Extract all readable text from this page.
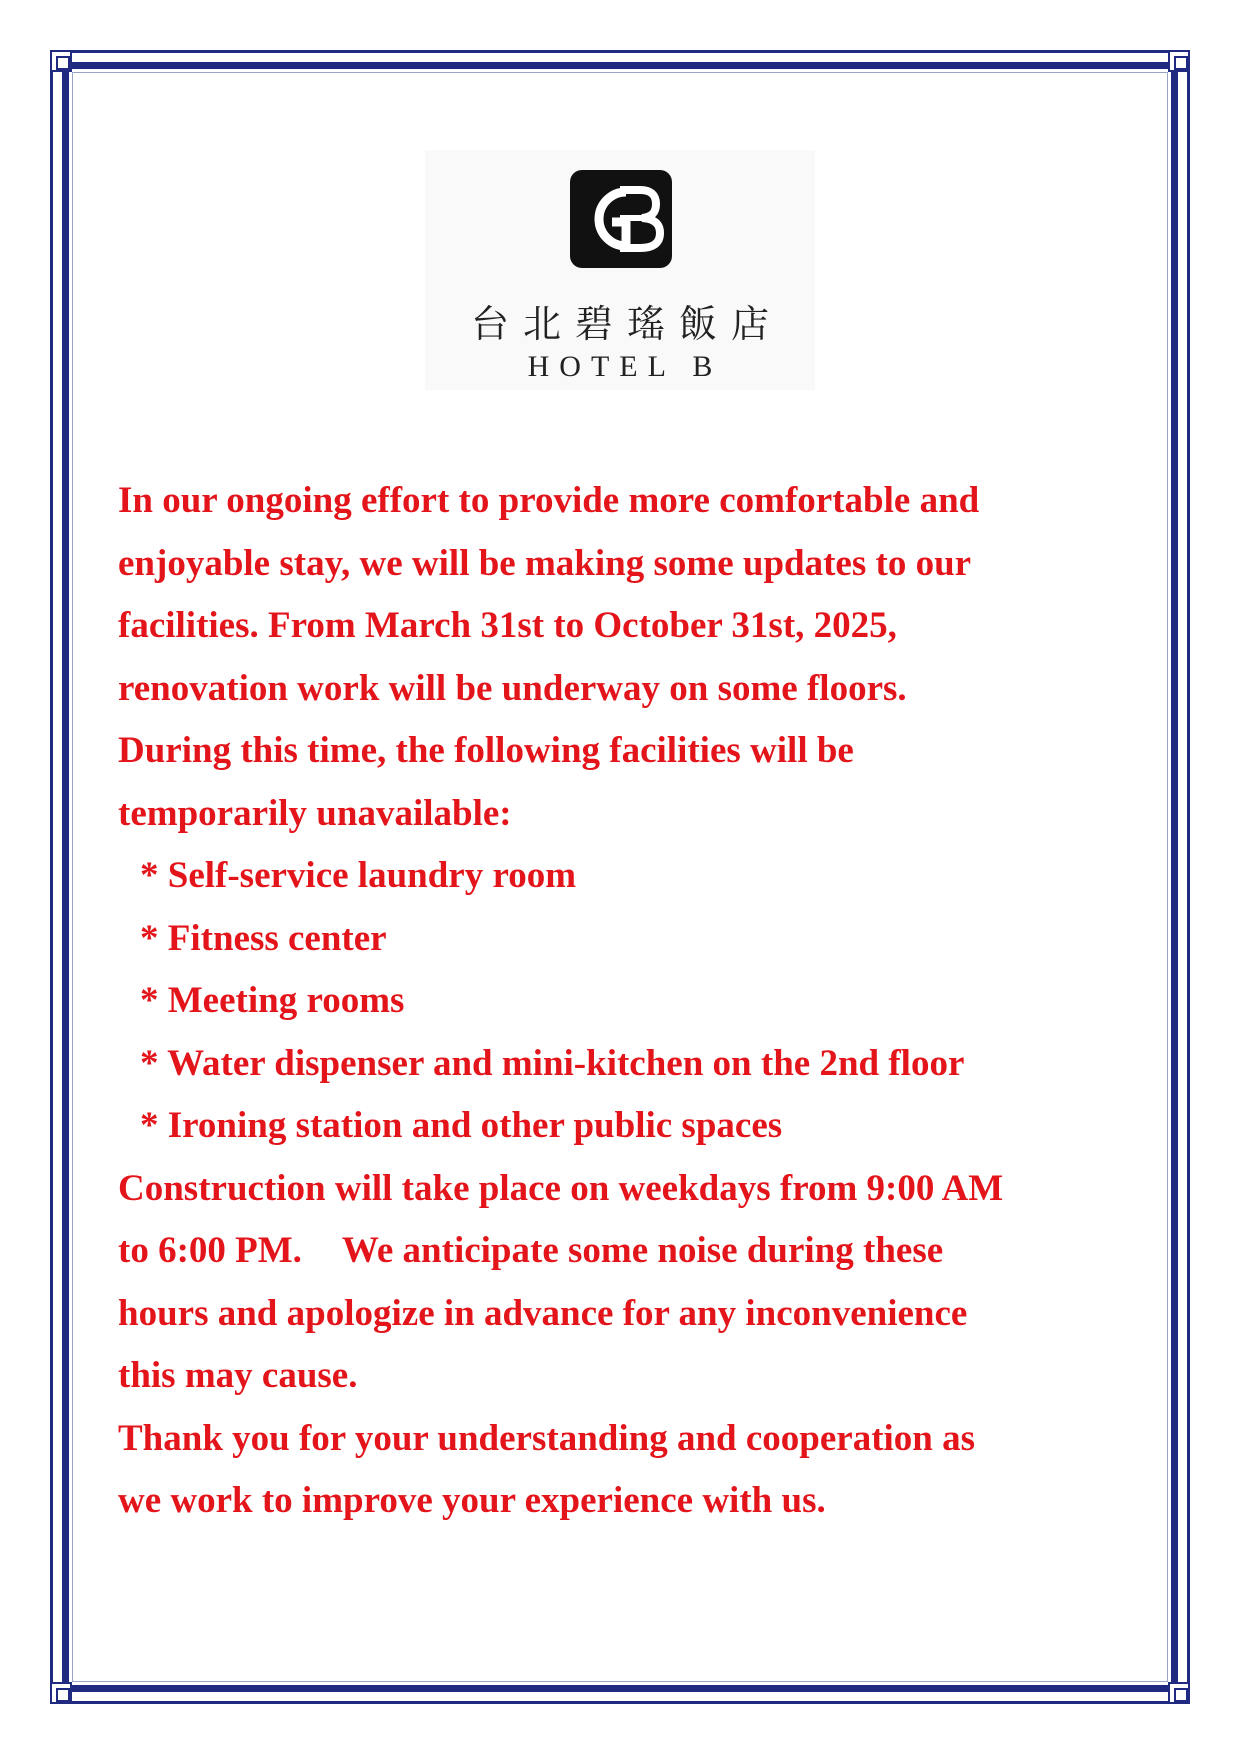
台北碧瑤飯店
HOTEL B

In our ongoing effort to provide more comfortable and

enjoyable stay, we will be making some updates to our

facilities. From March 31st to October 31st, 2025,

renovation work will be underway on some floors.

During this time, the following facilities will be

temporarily unavailable:

* Self-service laundry room

* Fitness center

* Meeting rooms

* Water dispenser and mini-kitchen on the 2nd floor

* Ironing station and other public spaces

Construction will take place on weekdays from 9:00 AM

to 6:00 PM. We anticipate some noise during these

hours and apologize in advance for any inconvenience

this may cause.

Thank you for your understanding and cooperation as

we work to improve your experience with us.
